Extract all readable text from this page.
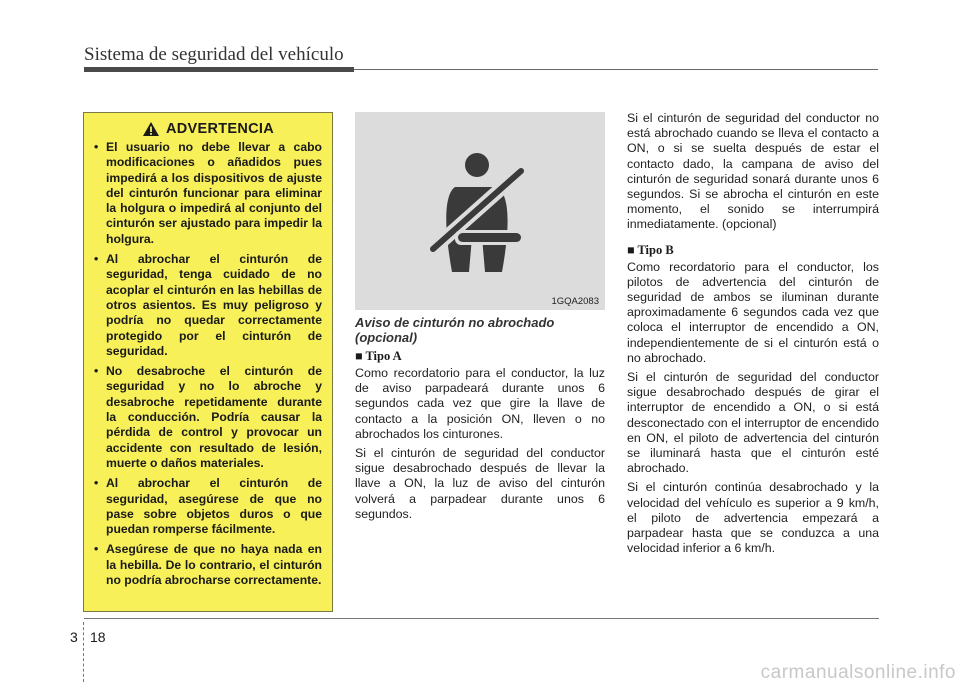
Sistema de seguridad del vehículo
ADVERTENCIA
• El usuario no debe llevar a cabo modificaciones o añadidos pues impedirá a los dispositivos de ajuste del cinturón funcionar para eliminar la holgura o impedirá al conjunto del cinturón ser ajustado para impedir la holgura.
• Al abrochar el cinturón de seguridad, tenga cuidado de no acoplar el cinturón en las hebillas de otros asientos. Es muy peligroso y podría no quedar correctamente protegido por el cinturón de seguridad.
• No desabroche el cinturón de seguridad y no lo abroche y desabroche repetidamente durante la conducción. Podría causar la pérdida de control y provocar un accidente con resultado de lesión, muerte o daños materiales.
• Al abrochar el cinturón de seguridad, asegúrese de que no pase sobre objetos duros o que puedan romperse fácilmente.
• Asegúrese de que no haya nada en la hebilla. De lo contrario, el cinturón no podría abrocharse correctamente.
1GQA2083
Aviso de cinturón no abrochado (opcional)
■ Tipo A

Como recordatorio para el conductor, la luz de aviso parpadeará durante unos 6 segundos cada vez que gire la llave de contacto a la posición ON, lleven o no abrochados los cinturones.

Si el cinturón de seguridad del conductor sigue desabrochado después de llevar la llave a ON, la luz de aviso del cinturón volverá a parpadear durante unos 6 segundos.

Si el cinturón de seguridad del conductor no está abrochado cuando se lleva el contacto a ON, o si se suelta después de estar el contacto dado, la campana de aviso del cinturón de seguridad sonará durante unos 6 segundos. Si se abrocha el cinturón en este momento, el sonido se interrumpirá inmediatamente. (opcional)

■ Tipo B

Como recordatorio para el conductor, los pilotos de advertencia del cinturón de seguridad de ambos se iluminan durante aproximadamente 6 segundos cada vez que coloca el interruptor de encendido a ON, independientemente de si el cinturón está o no abrochado.

Si el cinturón de seguridad del conductor sigue desabrochado después de girar el interruptor de encendido a ON, o si está desconectado con el interruptor de encendido en ON, el piloto de advertencia del cinturón se iluminará hasta que el cinturón esté abrochado.

Si el cinturón continúa desabrochado y la velocidad del vehículo es superior a 9 km/h, el piloto de advertencia empezará a parpadear hasta que se conduzca a una velocidad inferior a 6 km/h.

3 18
carmanualsonline.info
